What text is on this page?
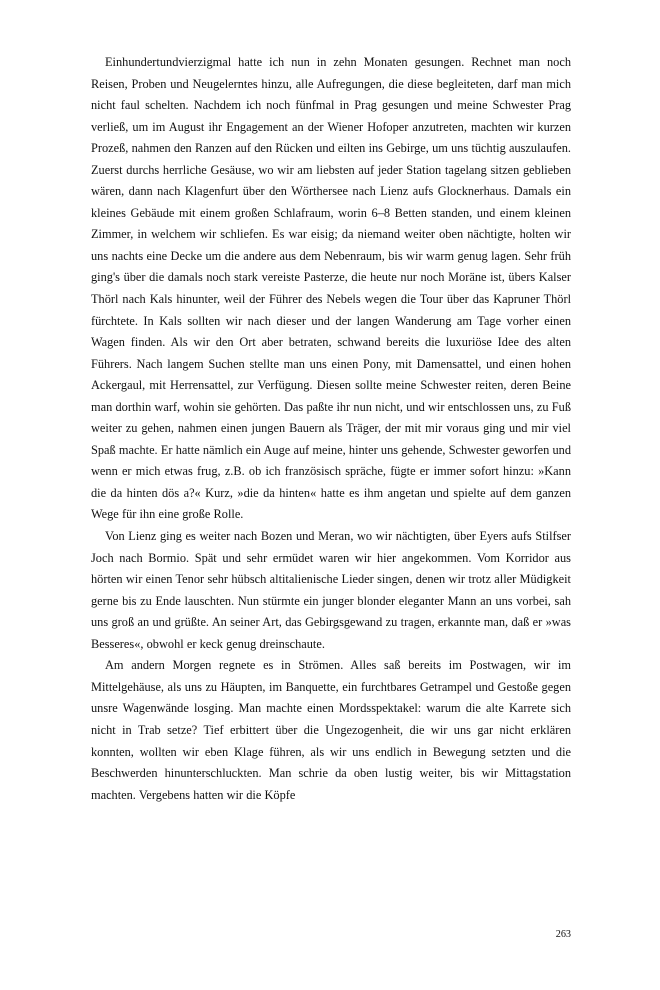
Einhundertundvierzigmal hatte ich nun in zehn Monaten gesungen. Rechnet man noch Reisen, Proben und Neugelerntes hinzu, alle Aufregungen, die diese begleiteten, darf man mich nicht faul schelten. Nachdem ich noch fünfmal in Prag gesungen und meine Schwester Prag verließ, um im August ihr Engagement an der Wiener Hofoper anzutreten, machten wir kurzen Prozeß, nahmen den Ranzen auf den Rücken und eilten ins Gebirge, um uns tüchtig auszulaufen. Zuerst durchs herrliche Gesäuse, wo wir am liebsten auf jeder Station tagelang sitzen geblieben wären, dann nach Klagenfurt über den Wörthersee nach Lienz aufs Glocknerhaus. Damals ein kleines Gebäude mit einem großen Schlafraum, worin 6–8 Betten standen, und einem kleinen Zimmer, in welchem wir schliefen. Es war eisig; da niemand weiter oben nächtigte, holten wir uns nachts eine Decke um die andere aus dem Nebenraum, bis wir warm genug lagen. Sehr früh ging's über die damals noch stark vereiste Pasterze, die heute nur noch Moräne ist, übers Kalser Thörl nach Kals hinunter, weil der Führer des Nebels wegen die Tour über das Kapruner Thörl fürchtete. In Kals sollten wir nach dieser und der langen Wanderung am Tage vorher einen Wagen finden. Als wir den Ort aber betraten, schwand bereits die luxuriöse Idee des alten Führers. Nach langem Suchen stellte man uns einen Pony, mit Damensattel, und einen hohen Ackergaul, mit Herrensattel, zur Verfügung. Diesen sollte meine Schwester reiten, deren Beine man dorthin warf, wohin sie gehörten. Das paßte ihr nun nicht, und wir entschlossen uns, zu Fuß weiter zu gehen, nahmen einen jungen Bauern als Träger, der mit mir voraus ging und mir viel Spaß machte. Er hatte nämlich ein Auge auf meine, hinter uns gehende, Schwester geworfen und wenn er mich etwas frug, z.B. ob ich französisch spräche, fügte er immer sofort hinzu: »Kann die da hinten dös a?« Kurz, »die da hinten« hatte es ihm angetan und spielte auf dem ganzen Wege für ihn eine große Rolle.

Von Lienz ging es weiter nach Bozen und Meran, wo wir nächtigten, über Eyers aufs Stilfser Joch nach Bormio. Spät und sehr ermüdet waren wir hier angekommen. Vom Korridor aus hörten wir einen Tenor sehr hübsch altitalienische Lieder singen, denen wir trotz aller Müdigkeit gerne bis zu Ende lauschten. Nun stürmte ein junger blonder eleganter Mann an uns vorbei, sah uns groß an und grüßte. An seiner Art, das Gebirgsgewand zu tragen, erkannte man, daß er »was Besseres«, obwohl er keck genug dreinschaute.

Am andern Morgen regnete es in Strömen. Alles saß bereits im Postwagen, wir im Mittelgehäuse, als uns zu Häupten, im Banquette, ein furchtbares Getrampel und Gestoße gegen unsre Wagenwände losging. Man machte einen Mordsspektakel: warum die alte Karrete sich nicht in Trab setze? Tief erbittert über die Ungezogenheit, die wir uns gar nicht erklären konnten, wollten wir eben Klage führen, als wir uns endlich in Bewegung setzten und die Beschwerden hinunterschluckten. Man schrie da oben lustig weiter, bis wir Mittagstation machten. Vergebens hatten wir die Köpfe

263
